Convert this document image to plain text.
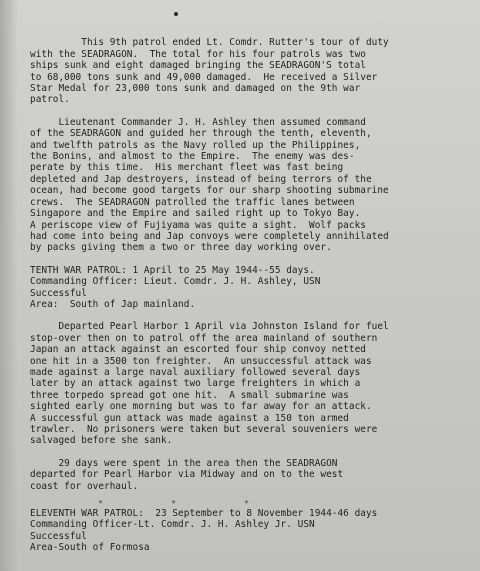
This 9th patrol ended Lt. Comdr. Rutter's tour of duty
with the SEADRAGON.  The total for his four patrols was two
ships sunk and eight damaged bringing the SEADRAGON'S total
to 68,000 tons sunk and 49,000 damaged.  He received a Silver
Star Medal for 23,000 tons sunk and damaged on the 9th war
patrol.

Lieutenant Commander J. H. Ashley then assumed command
of the SEADRAGON and guided her through the tenth, eleventh,
and twelfth patrols as the Navy rolled up the Philippines,
the Bonins, and almost to the Empire.  The enemy was des-
perate by this time.  His merchant fleet was fast being
depleted and Jap destroyers, instead of being terrors of the
ocean, had become good targets for our sharp shooting submarine
crews.  The SEADRAGON patrolled the traffic lanes between
Singapore and the Empire and sailed right up to Tokyo Bay.
A periscope view of Fujiyama was quite a sight.  Wolf packs
had come into being and Jap convoys were completely annihilated
by packs giving them a two or three day working over.

TENTH WAR PATROL: 1 April to 25 May 1944--55 days.
Commanding Officer: Lieut. Comdr. J. H. Ashley, USN
Successful
Area:  South of Jap mainland.

Departed Pearl Harbor 1 April via Johnston Island for fuel
stop-over then on to patrol off the area mainland of southern
Japan an attack against an escorted four ship convoy netted
one hit in a 3500 ton freighter.  An unsuccessful attack was
made against a large naval auxiliary followed several days
later by an attack against two large freighters in which a
three torpedo spread got one hit.  A small submarine was
sighted early one morning but was to far away for an attack.
A successful gun attack was made against a 150 ton armed
trawler.  No prisoners were taken but several souveniers were
salvaged before she sank.

29 days were spent in the area then the SEADRAGON
departed for Pearl Harbor via Midway and on to the west
coast for overhaul.

*              *              *

ELEVENTH WAR PATROL:  23 September to 8 November 1944-46 days
Commanding Officer-Lt. Comdr. J. H. Ashley Jr. USN
Successful
Area-South of Formosa
